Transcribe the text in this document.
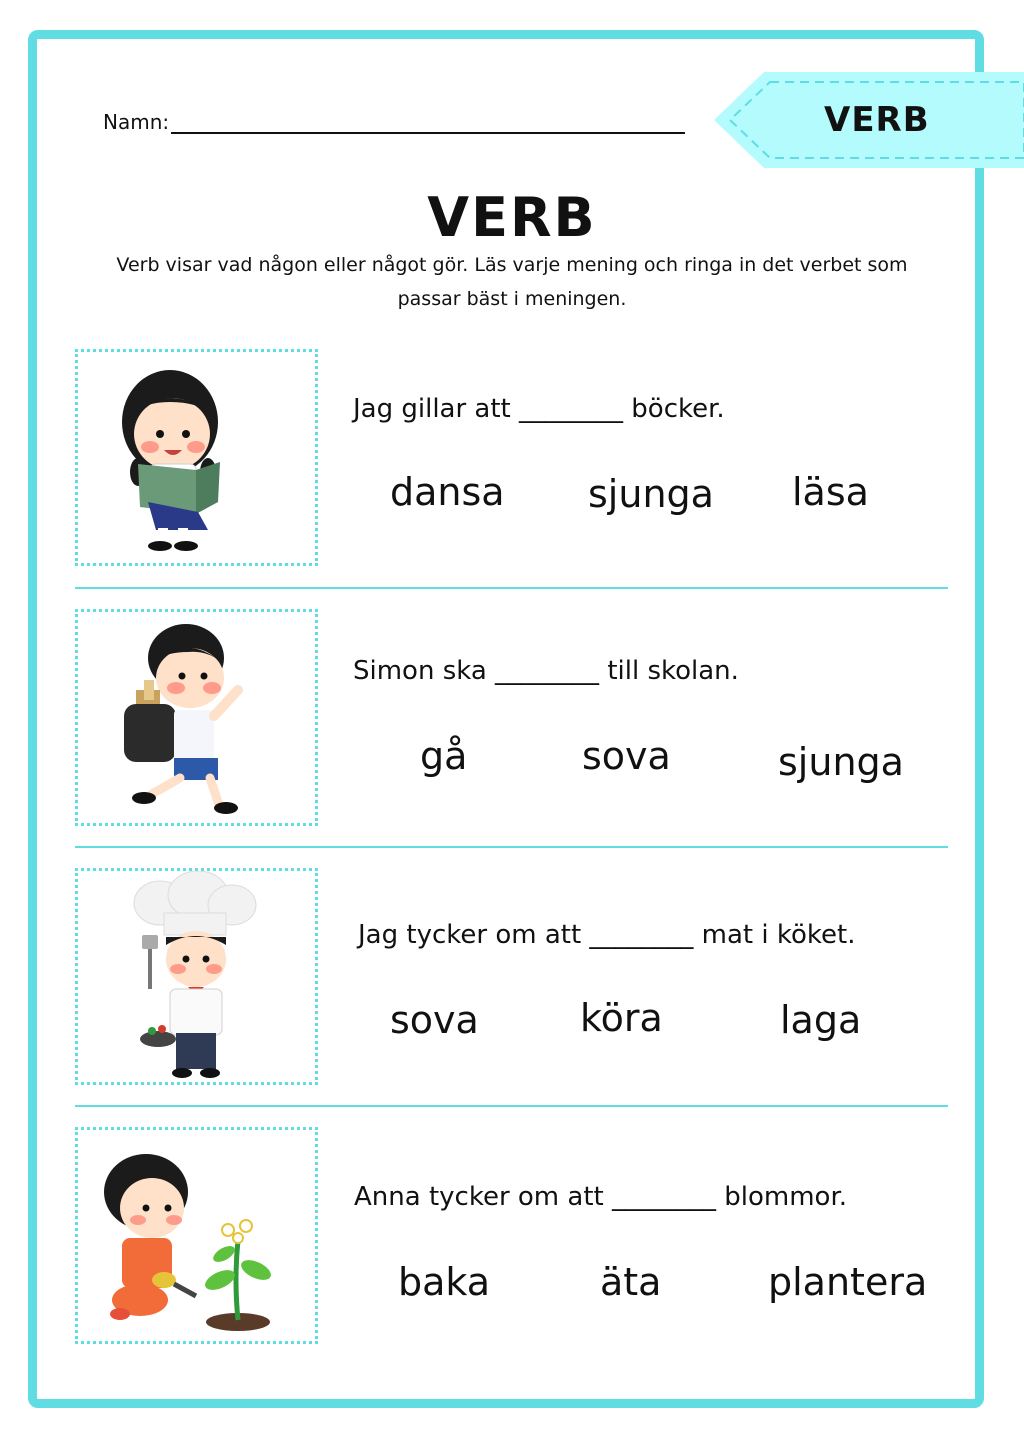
Namn:	VERB
VERB
Verb visar vad någon eller något gör. Läs varje mening och ringa in det verbet som passar bäst i meningen.
Jag gillar att ________ böcker.
dansa sjunga läsa
Simon ska ________ till skolan.
gå	sova	sjunga
Jag tycker om att ________ mat i köket.
sova	köra	laga
Anna tycker om att ________ blommor.
baka	äta	plantera
